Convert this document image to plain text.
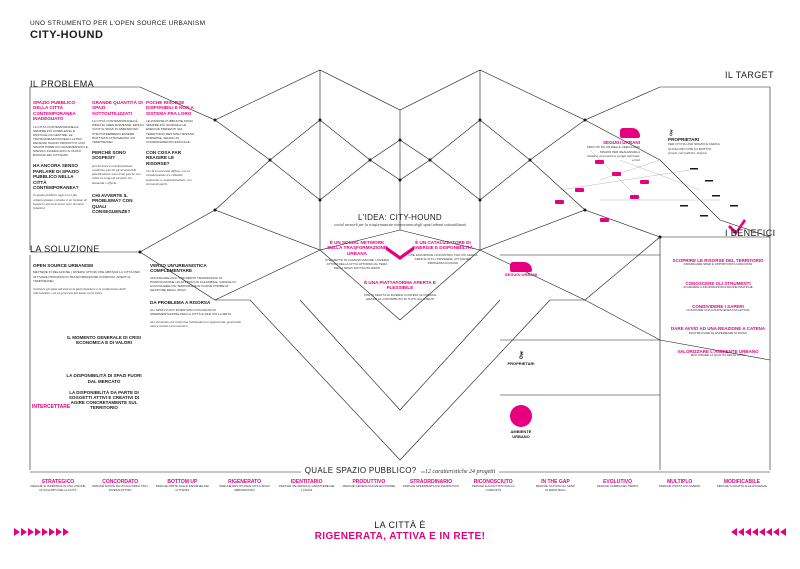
UNO STRUMENTO PER L'OPEN SOURCE URBANISM
CITY-HOUND
IL PROBLEMA
LA SOLUZIONE
IL TARGET
I BENEFICI
SPAZIO PUBBLICO DELLA CITTÀ CONTEMPORANEA INADEGUATO
LA CITTÀ CONTEMPORANEA È SEMPRE PIÙ COMPLESSA E DIFFICILE DA GESTIRE. LE TRASFORMAZIONI DEGLI ULTIMI DECENNI HANNO PRODOTTO UNO SPAZIO PUBBLICO FRAMMENTATO E SPESSO INADEGUATO AI NUOVI BISOGNI DEI CITTADINI.
HA ANCORA SENSO PARLARE DI SPAZIO PUBBLICO NELLA CITTÀ CONTEMPORANEA?
lo spazio pubblico oggi non è più soltanto piazza o strada: è un insieme di luoghi in attesa di nuovi usi e di nuove relazioni.
GRANDE QUANTITÀ DI SPAZI SOTTOUTILIZZATI
LA CITTÀ CONTEMPORANEA È PIENA DI AREE DISMESSE, EDIFICI VUOTI E SPAZI IN ABBANDONO CHE POTREBBERO ESSERE RIATTIVATI ATTRAVERSO USI TEMPORANEI.
PERCHÉ SONO SOSPESI?
perché manca un'informazione condivisa, perché gli strumenti di pianificazione sono lenti, perché non esiste un luogo di incontro tra domanda e offerta.
CHI AVVERTE IL PROBLEMA? CON QUALI CONSEGUENZE?
POCHE RISORSE DISPONIBILI E NON A SISTEMA FRA LORO
LE RISORSE PUBBLICHE SONO SEMPRE PIÙ SCARSE E LE ENERGIE PRESENTI SUL TERRITORIO RESTANO SPESSO DISPERSE, SENZA UN COORDINAMENTO EFFICACE.
CON COSA FAR REAGIRE LE RISORSE?
con la conoscenza diffusa, con la collaborazione tra cittadini, proprietari e amministrazioni, con strumenti aperti.
OPEN SOURCE URBANISM
METTERE IN RELAZIONE I DIVERSI ATTORI CHE ABITANO LA CITTÀ PER ATTIVARE PROCESSI DI TRASFORMAZIONE CONDIVISI, APERTI E TEMPORANEI.
riattivare gli spazi attraverso la partecipazione e la condivisione delle informazioni, con un processo dal basso verso l'alto.
IL MOMENTO GENERALE DI CRISI ECONOMICA E DI VALORI
LA DISPONIBILITÀ DI SPAZI FUORI DAL MERCATO
LA DISPONIBILITÀ DA PARTE DI SOGGETTI ATTIVI E CREATIVI DI AGIRE CONCRETAMENTE SUL TERRITORIO
INTERCETTARE
VERSO UN'URBANISTICA COMPLEMENTARE
AFFIANCARE AGLI STRUMENTI TRADIZIONALI DI PIANIFICAZIONE UN APPROCCIO FLESSIBILE, CAPACE DI ACCOGLIERE USI TEMPORANEI E NUOVE FORME DI GESTIONE DEGLI SPAZI.
DA PROBLEMA A RISORSA
GLI SPAZI VUOTI DIVENTANO OCCASIONI DI SPERIMENTAZIONE PER LA CITTÀ E PER CHI LA ABITA.
uno strumento che trasforma l'abbandono in opportunità, generando valore sociale ed economico.
L'IDEA: CITY-HOUND
social network per la trasformazione temporanea degli spazi urbani sottoutilizzati
È UN SOCIAL NETWORK SULLA TRASFORMAZIONE URBANA
CHE METTE IN COMUNICAZIONE I DIVERSI ATTORI DELLA CITTÀ ATTORNO AL TEMA DEGLI SPAZI SOTTOUTILIZZATI
È UN CATALIZZATORE DI ENERGIE E DISPONIBILITÀ
CHE FAVORISCE L'INCONTRO TRA CHI CERCA SPAZI E CHI LI POSSIEDE, ATTIVANDO PROCESSI DI RIUSO
È UNA PIATTAFORMA APERTA E FLESSIBILE
CHE SI ADATTA AI DIVERSI CONTESTI E CRESCE GRAZIE AL CONTRIBUTO DI TUTTI GLI UTENTI
SEGUGI URBANI
PER CHI HA UN'IDEA E CERCA UNO SPAZIO PER REALIZZARLA
cittadini, associazioni, gruppi informali, artisti
⚷
PROPRIETARI
PER CHI HA UNO SPAZIO E CERCA QUALCUNO CHE LO RIATTIVI
privati, enti pubblici, imprese
SEGUGI URBANI
⚷
PROPRIETARI
AMBIENTE URBANO
SCOPRIRE LE RISORSE DEL TERRITORIO
INDIVIDUARE SPAZI E OPPORTUNITÀ NASCOSTE
CONOSCERE GLI STRUMENTI
ACCEDERE A INFORMAZIONI E BUONE PRATICHE
CONDIVIDERE I SAPERI
COSTRUIRE UNA CONOSCENZA COLLETTIVA
DARE AVVIO AD UNA REAZIONE A CATENA
MOLTIPLICARE LE ESPERIENZE DI RIUSO
VALORIZZARE L'AMBIENTE URBANO
MIGLIORARE LA QUALITÀ DELLA CITTÀ
QUALE SPAZIO PUBBLICO? 12 caratteristiche 24 progetti
STRATEGICO
PERCHÉ SI INSERISCE IN UNA VISIONE DI SVILUPPO DELLA CITTÀ
CONCORDATO
PERCHÉ NASCE DA UN ACCORDO TRA I DIVERSI ATTORI
BOTTOM UP
PERCHÉ PARTE DALLE ESIGENZE DEI CITTADINI
RIGENERATO
PERCHÉ RESTITUISCE VITA A SPAZI ABBANDONATI
IDENTITARIO
PERCHÉ VALORIZZA IL CARATTERE DEI LUOGHI
PRODUTTIVO
PERCHÉ GENERA NUOVE ECONOMIE
STRAORDINARIO
PERCHÉ SPERIMENTA USI INASPETTATI
RICONOSCIUTO
PERCHÉ È ACCETTATO DALLA COMUNITÀ
IN THE GAP
PERCHÉ OCCUPA GLI SPAZI INTERSTIZIALI
EVOLUTIVO
PERCHÉ CAMBIA NEL TEMPO
MULTIPLO
PERCHÉ OSPITA USI DIVERSI
MODIFICABILE
PERCHÉ SI ADATTA ALLE ESIGENZE
LA CITTÀ È
RIGENERATA, ATTIVA E IN RETE!
